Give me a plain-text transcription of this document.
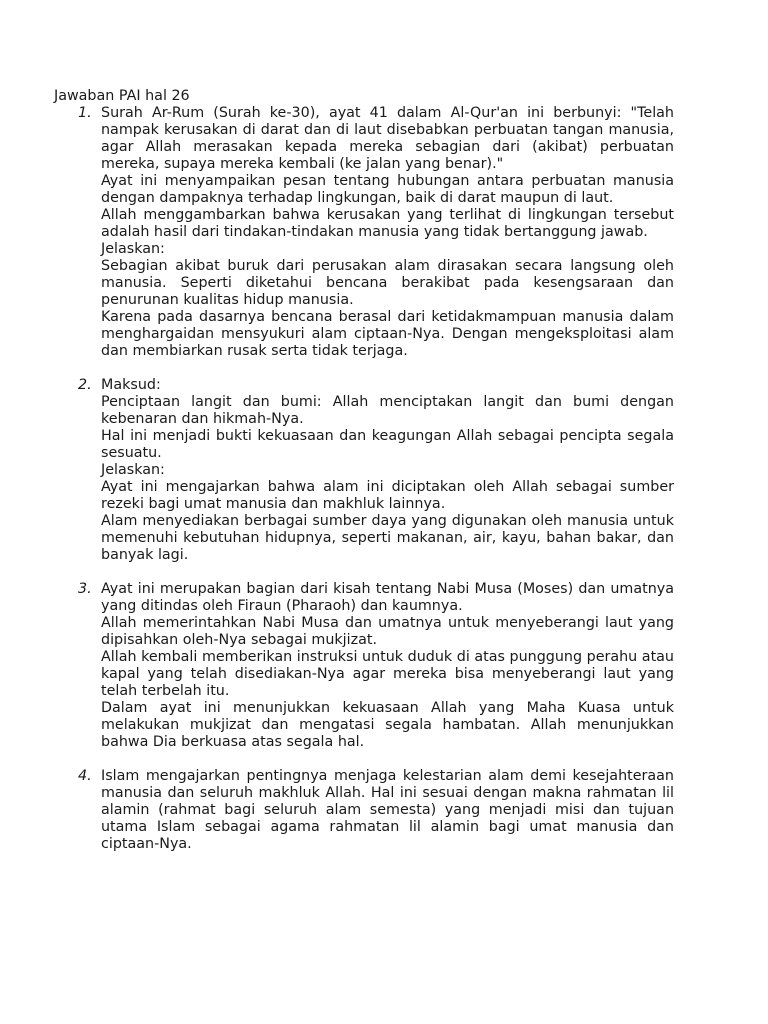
Jawaban PAI hal 26
1. Surah Ar-Rum (Surah ke-30), ayat 41 dalam Al-Qur'an ini berbunyi: "Telah nampak kerusakan di darat dan di laut disebabkan perbuatan tangan manusia, agar Allah merasakan kepada mereka sebagian dari (akibat) perbuatan mereka, supaya mereka kembali (ke jalan yang benar)."

Ayat ini menyampaikan pesan tentang hubungan antara perbuatan manusia dengan dampaknya terhadap lingkungan, baik di darat maupun di laut.

Allah menggambarkan bahwa kerusakan yang terlihat di lingkungan tersebut adalah hasil dari tindakan-tindakan manusia yang tidak bertanggung jawab.

Jelaskan:

Sebagian akibat buruk dari perusakan alam dirasakan secara langsung oleh manusia. Seperti diketahui bencana berakibat pada kesengsaraan dan penurunan kualitas hidup manusia.

Karena pada dasarnya bencana berasal dari ketidakmampuan manusia dalam menghargaidan mensyukuri alam ciptaan-Nya. Dengan mengeksploitasi alam dan membiarkan rusak serta tidak terjaga.

2. Maksud:

Penciptaan langit dan bumi: Allah menciptakan langit dan bumi dengan kebenaran dan hikmah-Nya.

Hal ini menjadi bukti kekuasaan dan keagungan Allah sebagai pencipta segala sesuatu.

Jelaskan:

Ayat ini mengajarkan bahwa alam ini diciptakan oleh Allah sebagai sumber rezeki bagi umat manusia dan makhluk lainnya.

Alam menyediakan berbagai sumber daya yang digunakan oleh manusia untuk memenuhi kebutuhan hidupnya, seperti makanan, air, kayu, bahan bakar, dan banyak lagi.

3. Ayat ini merupakan bagian dari kisah tentang Nabi Musa (Moses) dan umatnya yang ditindas oleh Firaun (Pharaoh) dan kaumnya.

Allah memerintahkan Nabi Musa dan umatnya untuk menyeberangi laut yang dipisahkan oleh-Nya sebagai mukjizat.

Allah kembali memberikan instruksi untuk duduk di atas punggung perahu atau kapal yang telah disediakan-Nya agar mereka bisa menyeberangi laut yang telah terbelah itu.

Dalam ayat ini menunjukkan kekuasaan Allah yang Maha Kuasa untuk melakukan mukjizat dan mengatasi segala hambatan. Allah menunjukkan bahwa Dia berkuasa atas segala hal.

4. Islam mengajarkan pentingnya menjaga kelestarian alam demi kesejahteraan manusia dan seluruh makhluk Allah. Hal ini sesuai dengan makna rahmatan lil alamin (rahmat bagi seluruh alam semesta) yang menjadi misi dan tujuan utama Islam sebagai agama rahmatan lil alamin bagi umat manusia dan ciptaan-Nya.
